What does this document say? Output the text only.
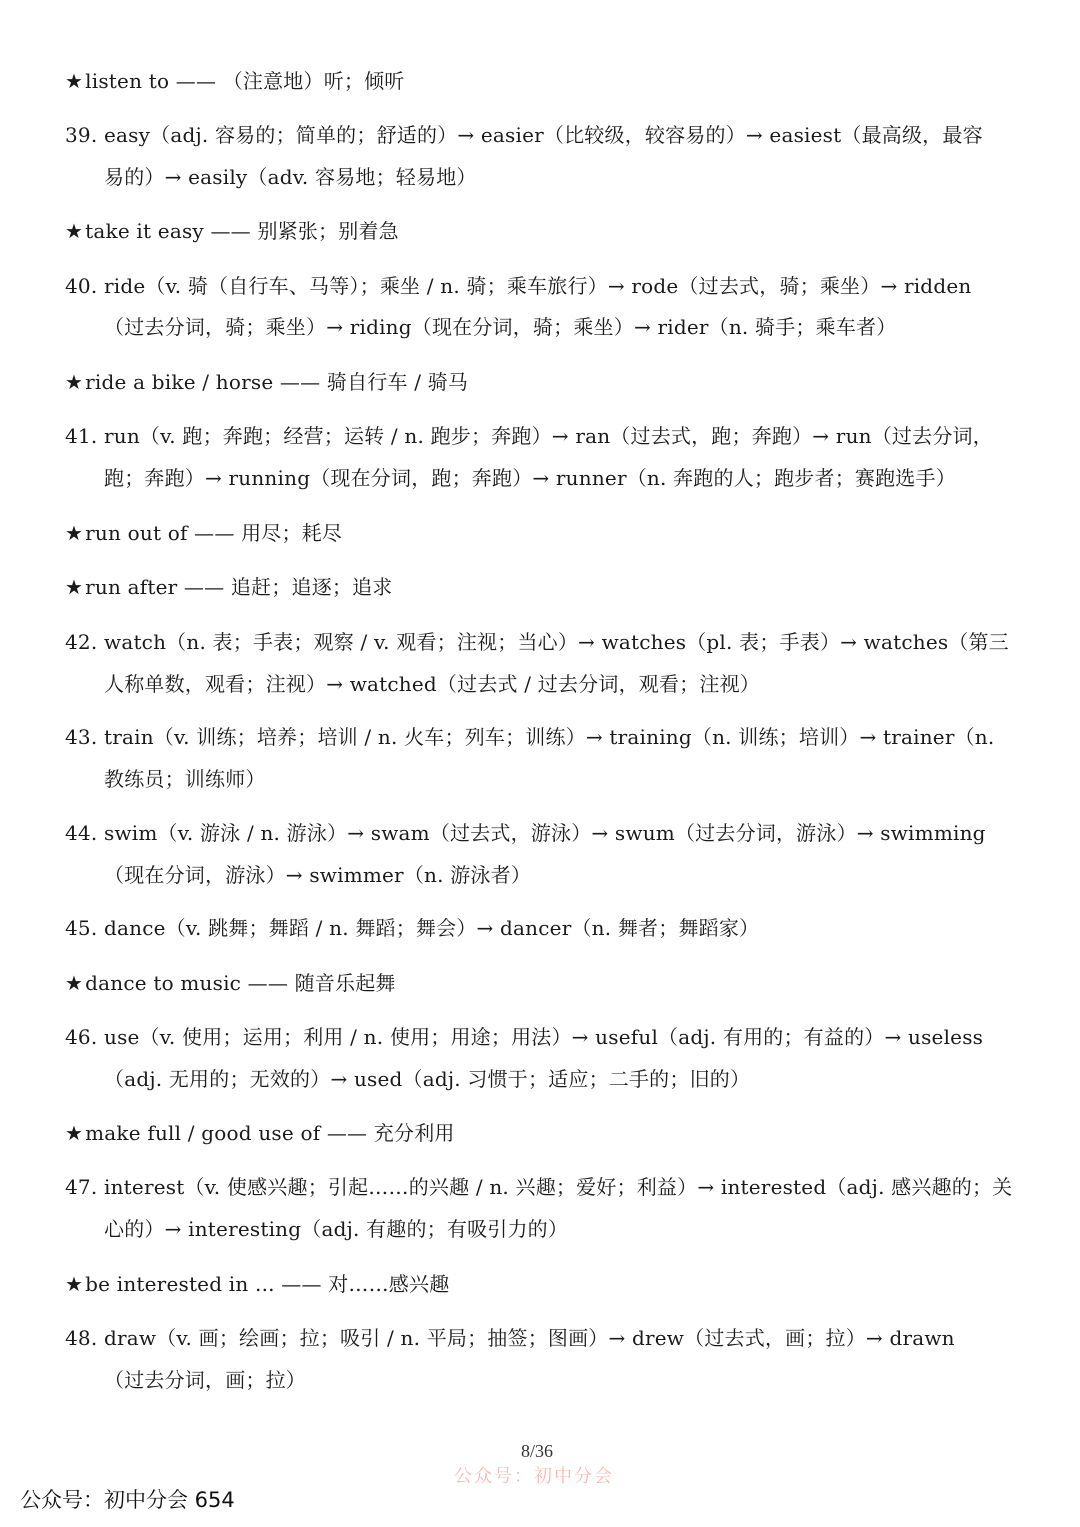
★ listen to —— （注意地）听；倾听
39. easy（adj. 容易的；简单的；舒适的）→ easier（比较级，较容易的）→ easiest（最高级，最容
易的）→ easily（adv. 容易地；轻易地）
★ take it easy —— 别紧张；别着急
40. ride（v. 骑（自行车、马等）；乘坐 / n. 骑；乘车旅行）→ rode（过去式，骑；乘坐）→ ridden
（过去分词，骑；乘坐）→ riding（现在分词，骑；乘坐）→ rider（n. 骑手；乘车者）
★ ride a bike / horse —— 骑自行车 / 骑马
41. run（v. 跑；奔跑；经营；运转 / n. 跑步；奔跑）→ ran（过去式，跑；奔跑）→ run（过去分词，
跑；奔跑）→ running（现在分词，跑；奔跑）→ runner（n. 奔跑的人；跑步者；赛跑选手）
★ run out of —— 用尽；耗尽
★ run after —— 追赶；追逐；追求
42. watch（n. 表；手表；观察 / v. 观看；注视；当心）→ watches（pl. 表；手表）→ watches（第三
人称单数，观看；注视）→ watched（过去式 / 过去分词，观看；注视）
43. train（v. 训练；培养；培训 / n. 火车；列车；训练）→ training（n. 训练；培训）→ trainer（n.
教练员；训练师）
44. swim（v. 游泳 / n. 游泳）→ swam（过去式，游泳）→ swum（过去分词，游泳）→ swimming
（现在分词，游泳）→ swimmer（n. 游泳者）
45. dance（v. 跳舞；舞蹈 / n. 舞蹈；舞会）→ dancer（n. 舞者；舞蹈家）
★ dance to music —— 随音乐起舞
46. use（v. 使用；运用；利用 / n. 使用；用途；用法）→ useful（adj. 有用的；有益的）→ useless
（adj. 无用的；无效的）→ used（adj. 习惯于；适应；二手的；旧的）
★ make full / good use of —— 充分利用
47. interest（v. 使感兴趣；引起……的兴趣 / n. 兴趣；爱好；利益）→ interested（adj. 感兴趣的；关
心的）→ interesting（adj. 有趣的；有吸引力的）
★ be interested in ... —— 对……感兴趣
48. draw（v. 画；绘画；拉；吸引 / n. 平局；抽签；图画）→ drew（过去式，画；拉）→ drawn
（过去分词，画；拉）
8/36
公众号：初中分会
公众号：初中分会 654
